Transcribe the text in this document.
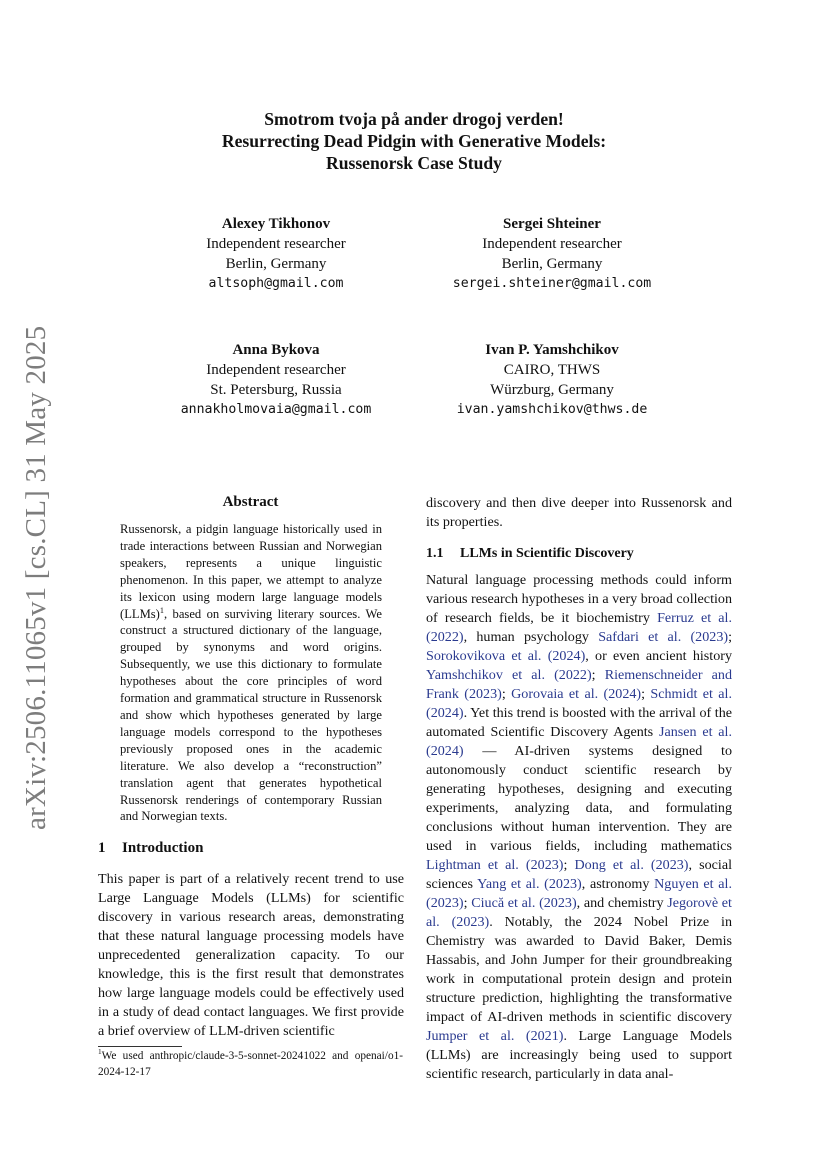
arXiv:2506.11065v1 [cs.CL] 31 May 2025
Smotrom tvoja på ander drogoj verden!
Resurrecting Dead Pidgin with Generative Models:
Russenorsk Case Study
Alexey Tikhonov
Independent researcher
Berlin, Germany
altsoph@gmail.com
Sergei Shteiner
Independent researcher
Berlin, Germany
sergei.shteiner@gmail.com
Anna Bykova
Independent researcher
St. Petersburg, Russia
annakholmovaia@gmail.com
Ivan P. Yamshchikov
CAIRO, THWS
Würzburg, Germany
ivan.yamshchikov@thws.de
Abstract
Russenorsk, a pidgin language historically used in trade interactions between Russian and Norwegian speakers, represents a unique linguistic phenomenon. In this paper, we attempt to analyze its lexicon using modern large language models (LLMs)$^1$, based on surviving literary sources. We construct a structured dictionary of the language, grouped by synonyms and word origins. Subsequently, we use this dictionary to formulate hypotheses about the core principles of word formation and grammatical structure in Russenorsk and show which hypotheses generated by large language models correspond to the hypotheses previously proposed ones in the academic literature. We also develop a “reconstruction” translation agent that generates hypothetical Russenorsk renderings of contemporary Russian and Norwegian texts.
1 Introduction

This paper is part of a relatively recent trend to use Large Language Models (LLMs) for scientific discovery in various research areas, demonstrating that these natural language processing models have unprecedented generalization capacity. To our knowledge, this is the first result that demonstrates how large language models could be effectively used in a study of dead contact languages. We first provide a brief overview of LLM-driven scientific

$^1$We used anthropic/claude-3-5-sonnet-20241022 and openai/o1-2024-12-17

discovery and then dive deeper into Russenorsk and its properties.

1.1 LLMs in Scientific Discovery

Natural language processing methods could inform various research hypotheses in a very broad collection of research fields, be it biochemistry Ferruz et al. (2022), human psychology Safdari et al. (2023); Sorokovikova et al. (2024), or even ancient history Yamshchikov et al. (2022); Riemenschneider and Frank (2023); Gorovaia et al. (2024); Schmidt et al. (2024). Yet this trend is boosted with the arrival of the automated Scientific Discovery Agents Jansen et al. (2024) — AI-driven systems designed to autonomously conduct scientific research by generating hypotheses, designing and executing experiments, analyzing data, and formulating conclusions without human intervention. They are used in various fields, including mathematics Lightman et al. (2023); Dong et al. (2023), social sciences Yang et al. (2023), astronomy Nguyen et al. (2023); Ciucă et al. (2023), and chemistry Jegorovè et al. (2023). Notably, the 2024 Nobel Prize in Chemistry was awarded to David Baker, Demis Hassabis, and John Jumper for their groundbreaking work in computational protein design and protein structure prediction, highlighting the transformative impact of AI-driven methods in scientific discovery Jumper et al. (2021). Large Language Models (LLMs) are increasingly being used to support scientific research, particularly in data anal-
